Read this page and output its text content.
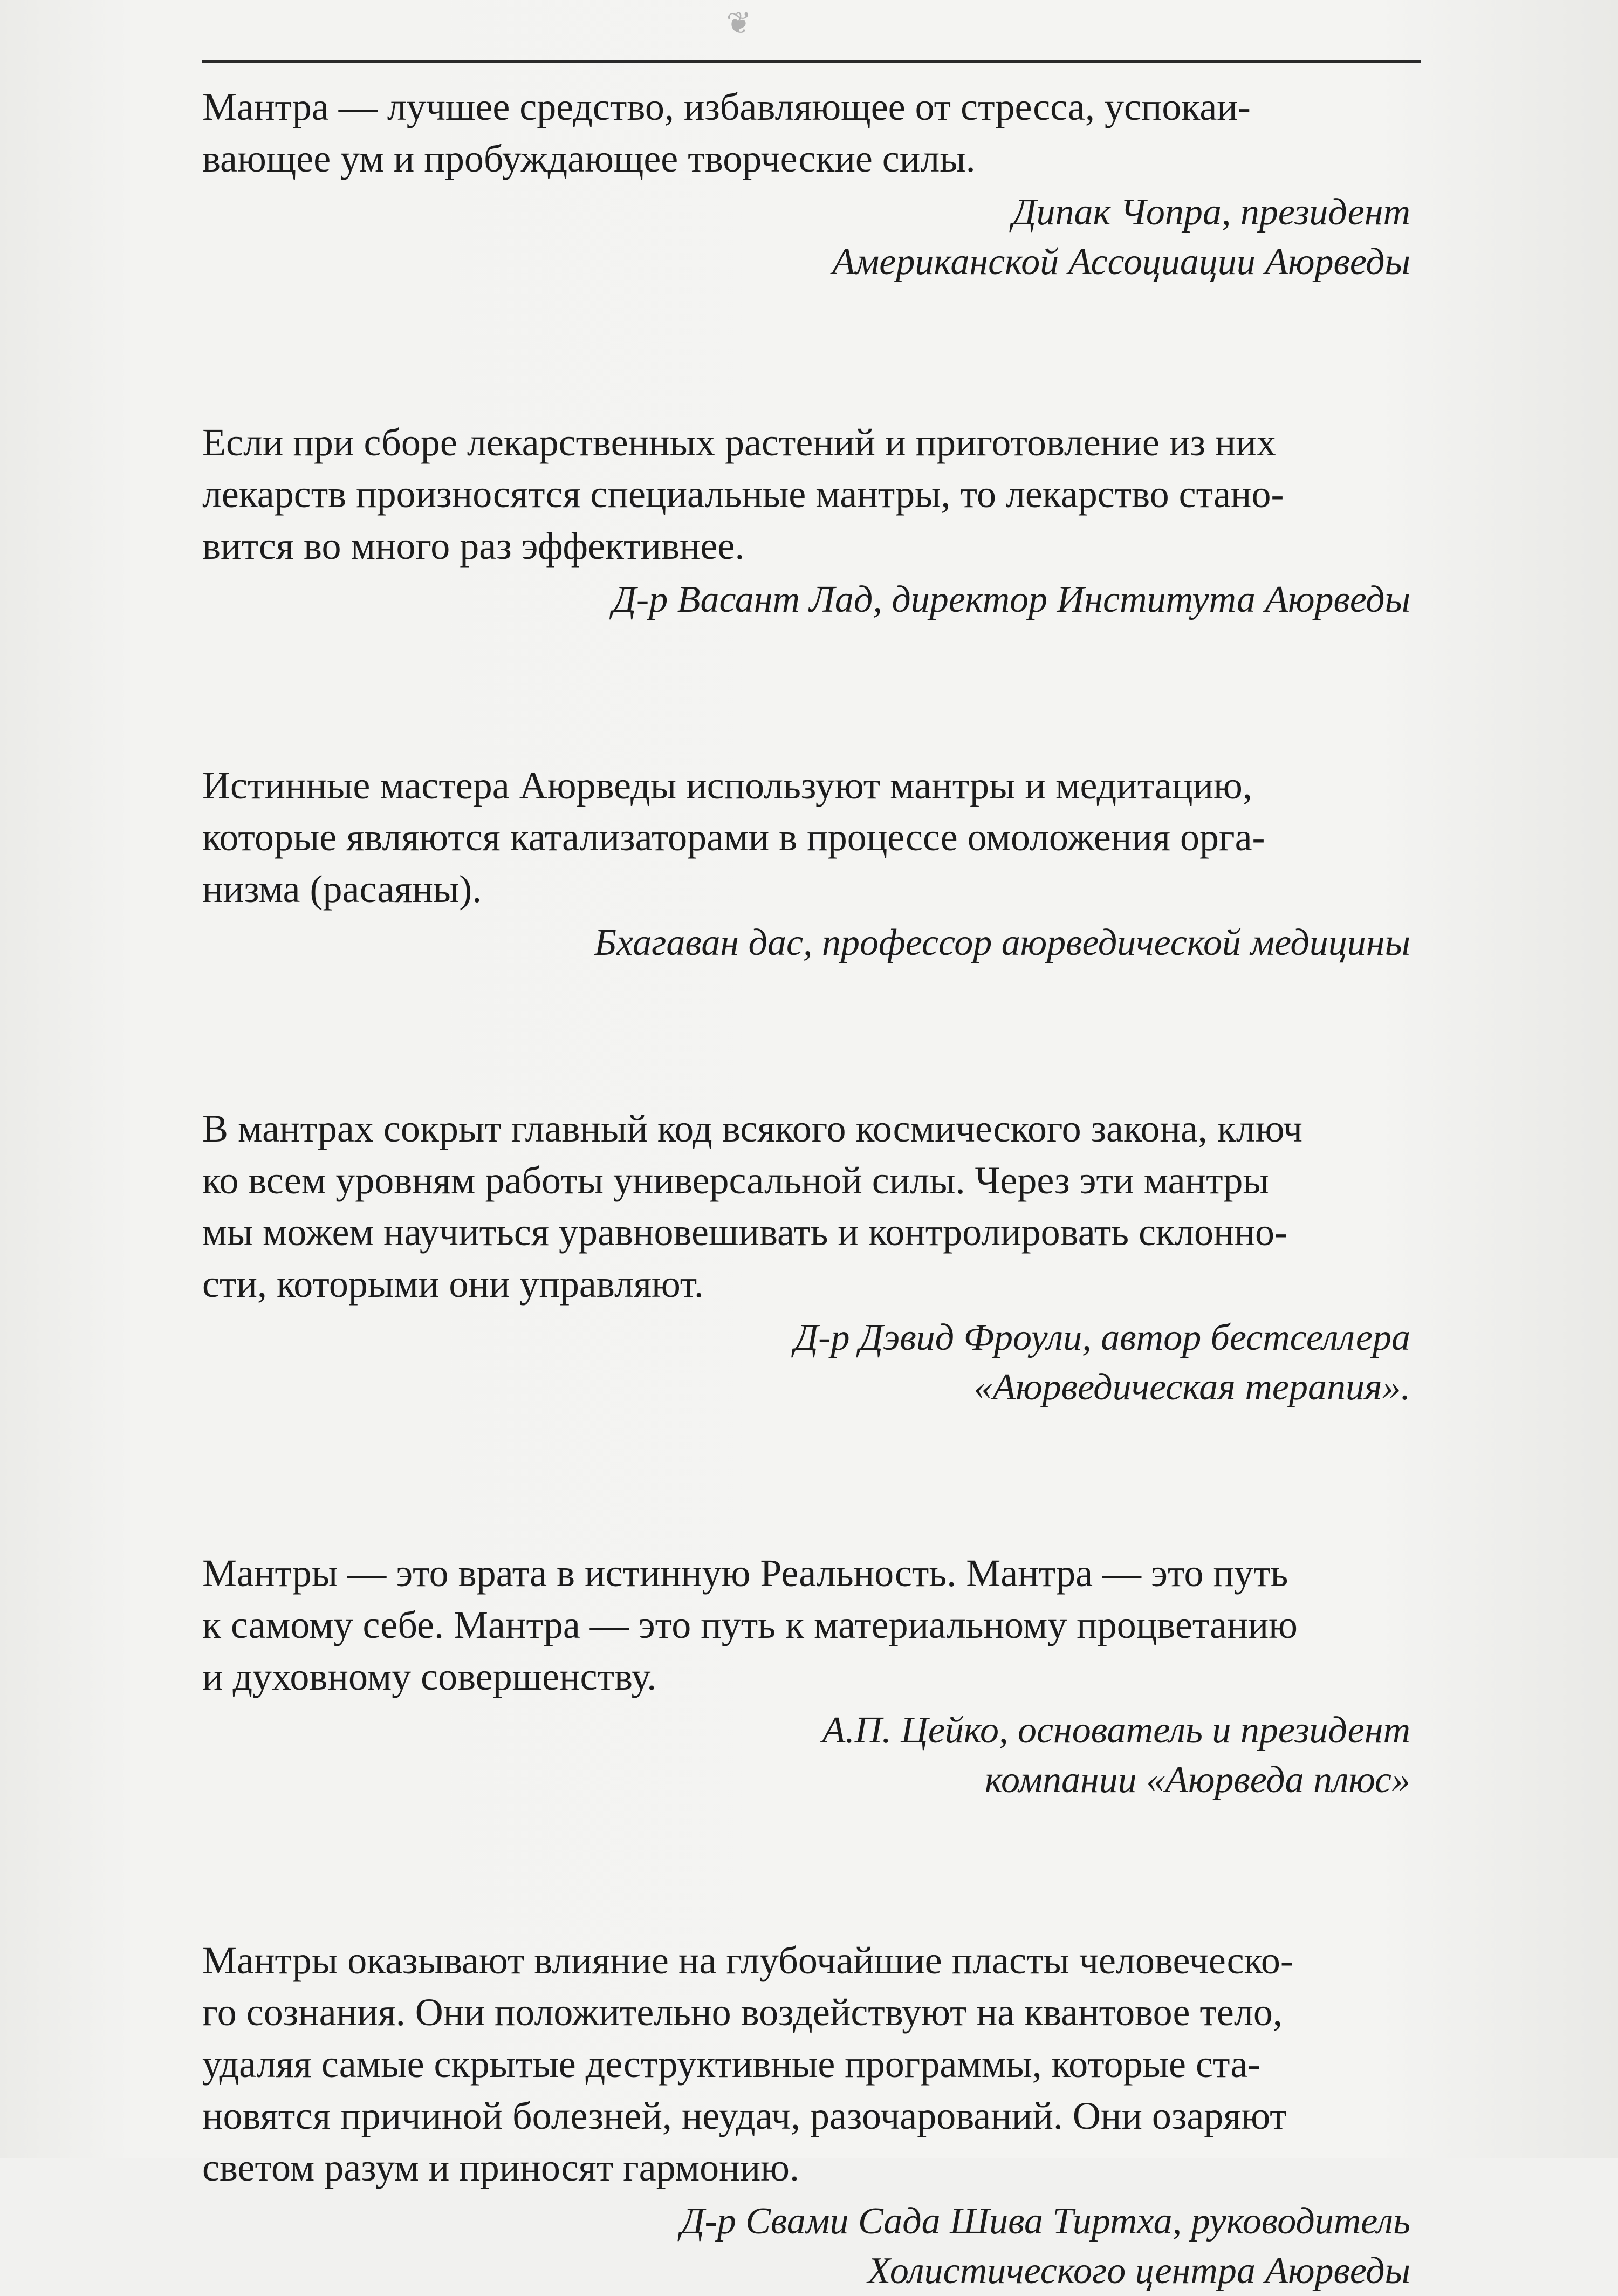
❦
Мантра — лучшее средство, избавляющее от стресса, успокаи-
вающее ум и пробуждающее творческие силы.
Дипак Чопра, президент
Американской Ассоциации Аюрведы
Если при сборе лекарственных растений и приготовление из них
лекарств произносятся специальные мантры, то лекарство стано-
вится во много раз эффективнее.
Д-р Васант Лад, директор Института Аюрведы
Истинные мастера Аюрведы используют мантры и медитацию,
которые являются катализаторами в процессе омоложения орга-
низма (расаяны).
Бхагаван дас, профессор аюрведической медицины
В мантрах сокрыт главный код всякого космического закона, ключ
ко всем уровням работы универсальной силы. Через эти мантры
мы можем научиться уравновешивать и контролировать склонно-
сти, которыми они управляют.
Д-р Дэвид Фроули, автор бестселлера
«Аюрведическая терапия».
Мантры — это врата в истинную Реальность. Мантра — это путь
к самому себе. Мантра — это путь к материальному процветанию
и духовному совершенству.
А.П. Цейко, основатель и президент
компании «Аюрведа плюс»
Мантры оказывают влияние на глубочайшие пласты человеческо-
го сознания. Они положительно воздействуют на квантовое тело,
удаляя самые скрытые деструктивные программы, которые ста-
новятся причиной болезней, неудач, разочарований. Они озаряют
светом разум и приносят гармонию.
Д-р Свами Сада Шива Тиртха, руководитель
Холистического центра Аюрведы
